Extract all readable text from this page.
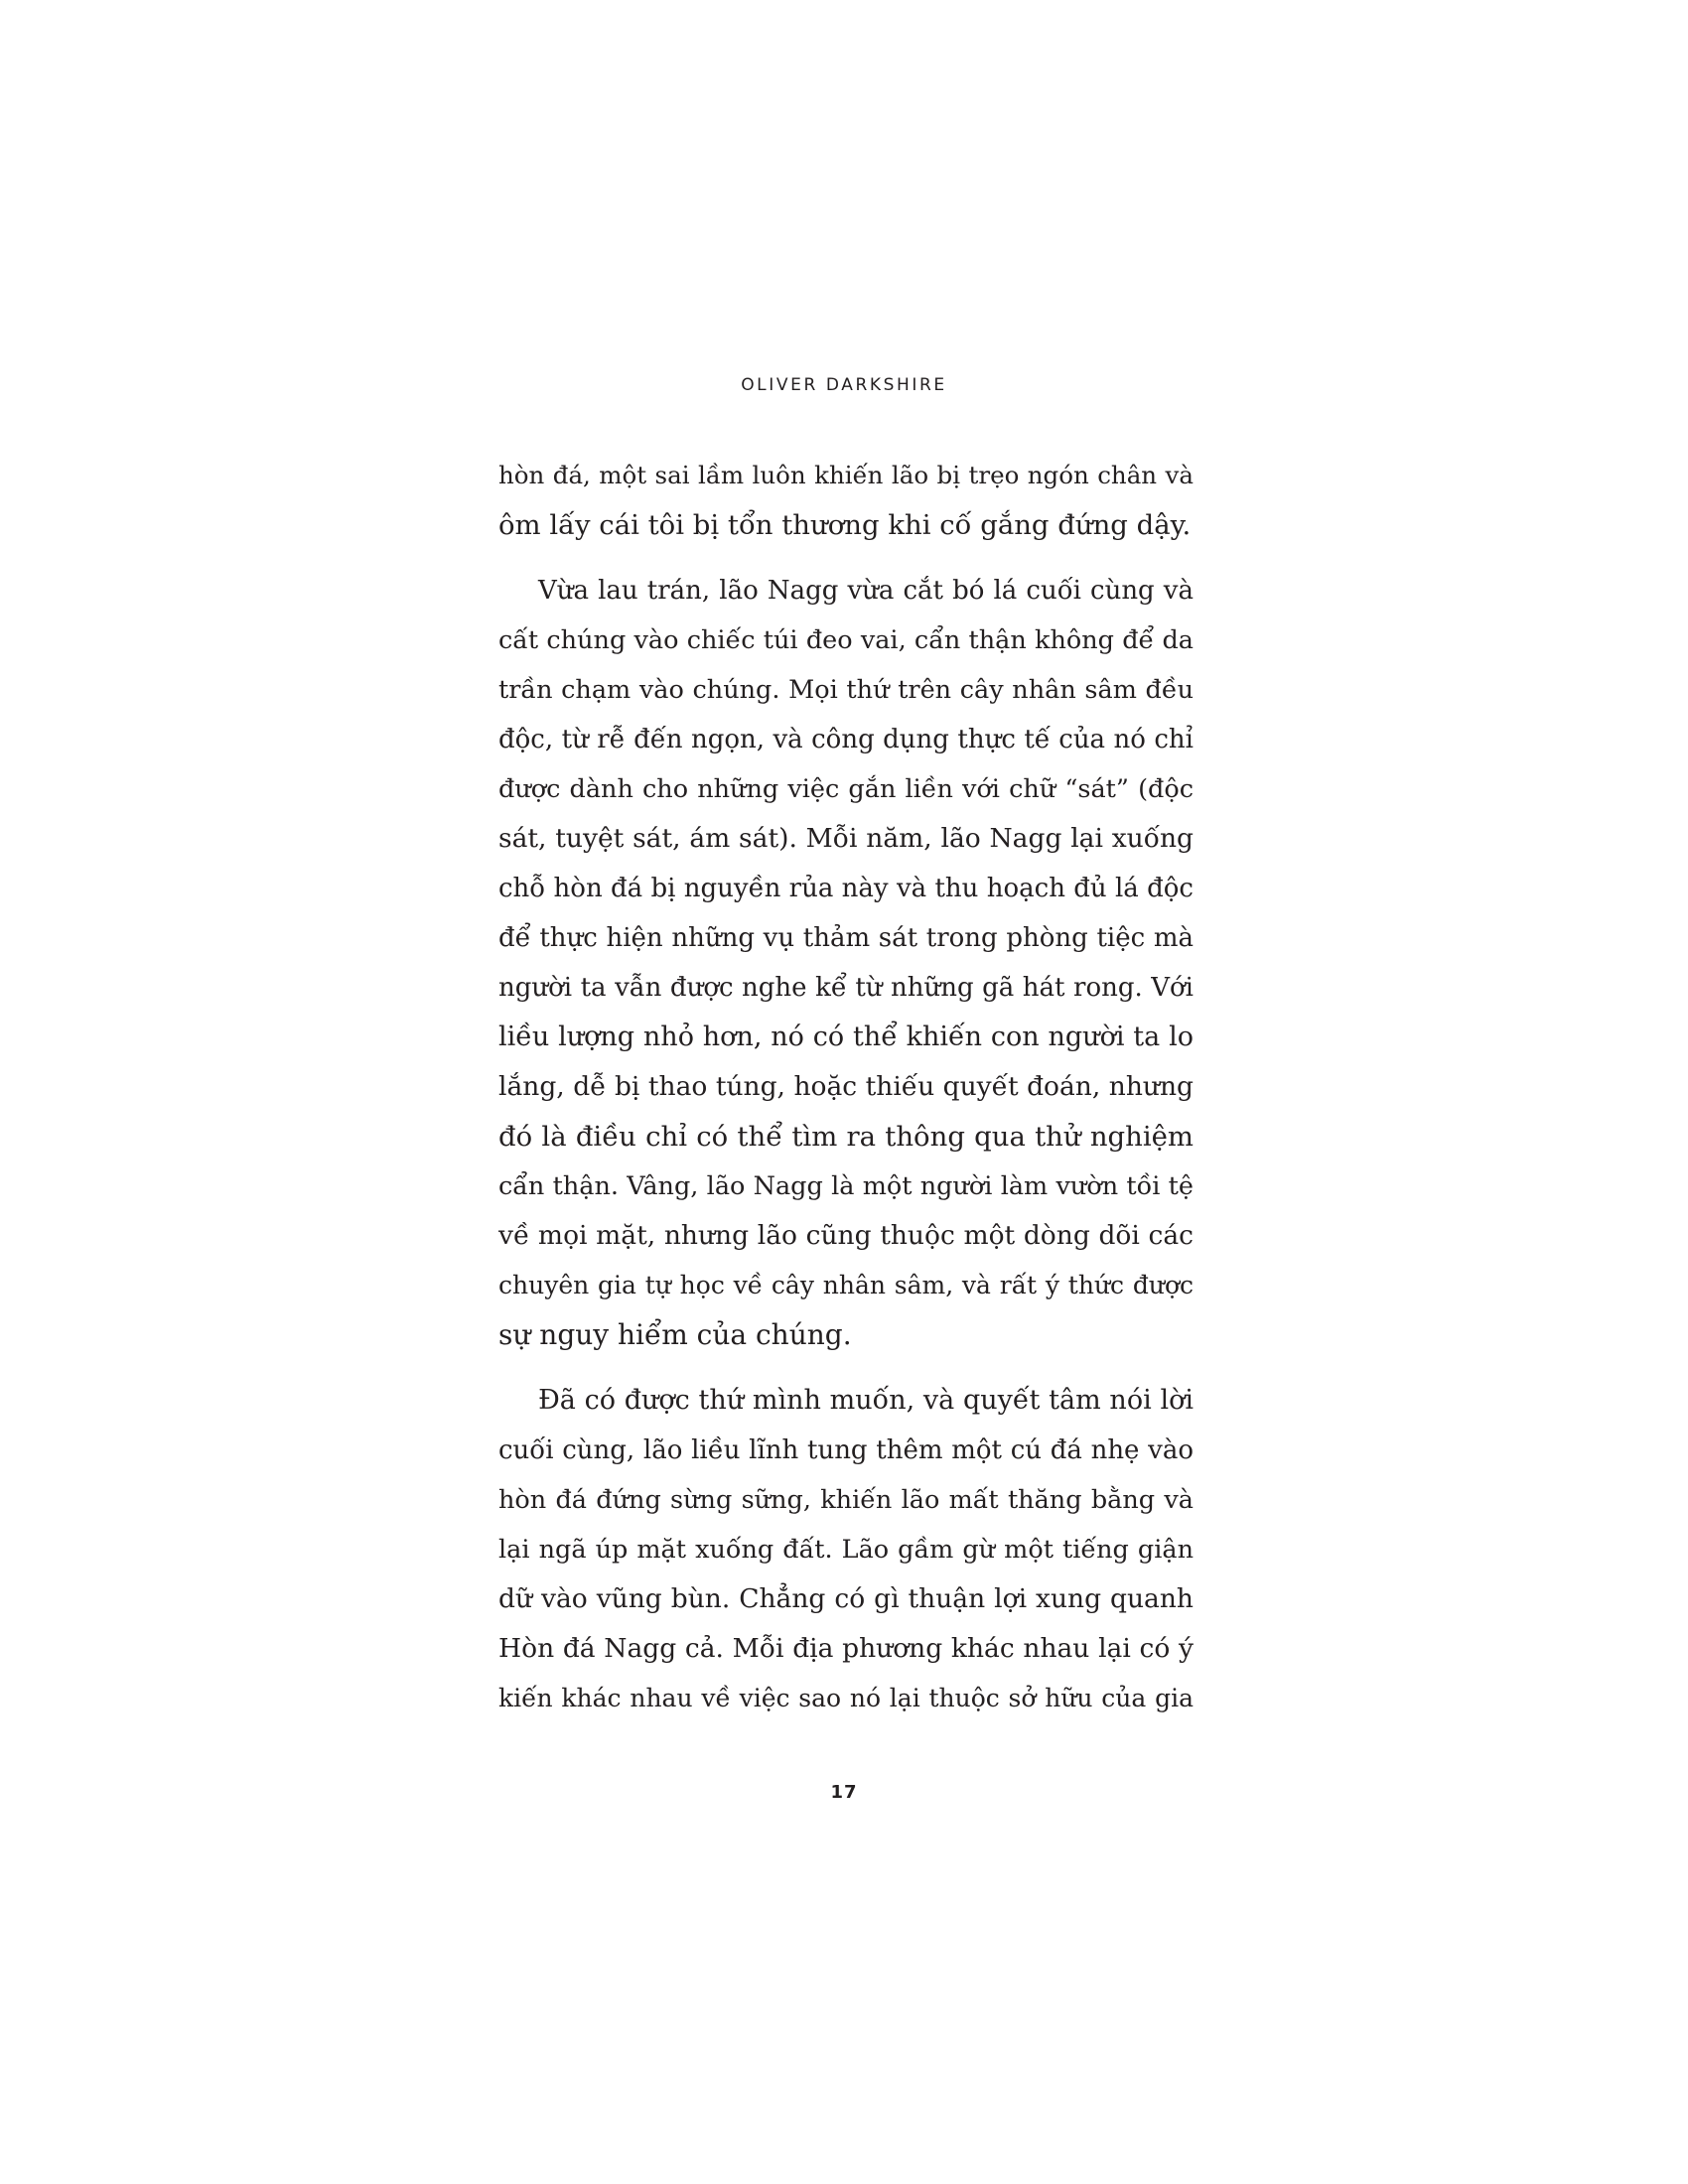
OLIVER DARKSHIRE

hòn đá, một sai lầm luôn khiến lão bị trẹo ngón chân và
ôm lấy cái tôi bị tổn thương khi cố gắng đứng dậy.

Vừa lau trán, lão Nagg vừa cắt bó lá cuối cùng và
cất chúng vào chiếc túi đeo vai, cẩn thận không để da
trần chạm vào chúng. Mọi thứ trên cây nhân sâm đều
độc, từ rễ đến ngọn, và công dụng thực tế của nó chỉ
được dành cho những việc gắn liền với chữ “sát” (độc
sát, tuyệt sát, ám sát). Mỗi năm, lão Nagg lại xuống
chỗ hòn đá bị nguyền rủa này và thu hoạch đủ lá độc
để thực hiện những vụ thảm sát trong phòng tiệc mà
người ta vẫn được nghe kể từ những gã hát rong. Với
liều lượng nhỏ hơn, nó có thể khiến con người ta lo
lắng, dễ bị thao túng, hoặc thiếu quyết đoán, nhưng
đó là điều chỉ có thể tìm ra thông qua thử nghiệm
cẩn thận. Vâng, lão Nagg là một người làm vườn tồi tệ
về mọi mặt, nhưng lão cũng thuộc một dòng dõi các
chuyên gia tự học về cây nhân sâm, và rất ý thức được
sự nguy hiểm của chúng.

Đã có được thứ mình muốn, và quyết tâm nói lời
cuối cùng, lão liều lĩnh tung thêm một cú đá nhẹ vào
hòn đá đứng sừng sững, khiến lão mất thăng bằng và
lại ngã úp mặt xuống đất. Lão gầm gừ một tiếng giận
dữ vào vũng bùn. Chẳng có gì thuận lợi xung quanh
Hòn đá Nagg cả. Mỗi địa phương khác nhau lại có ý
kiến khác nhau về việc sao nó lại thuộc sở hữu của gia

17
